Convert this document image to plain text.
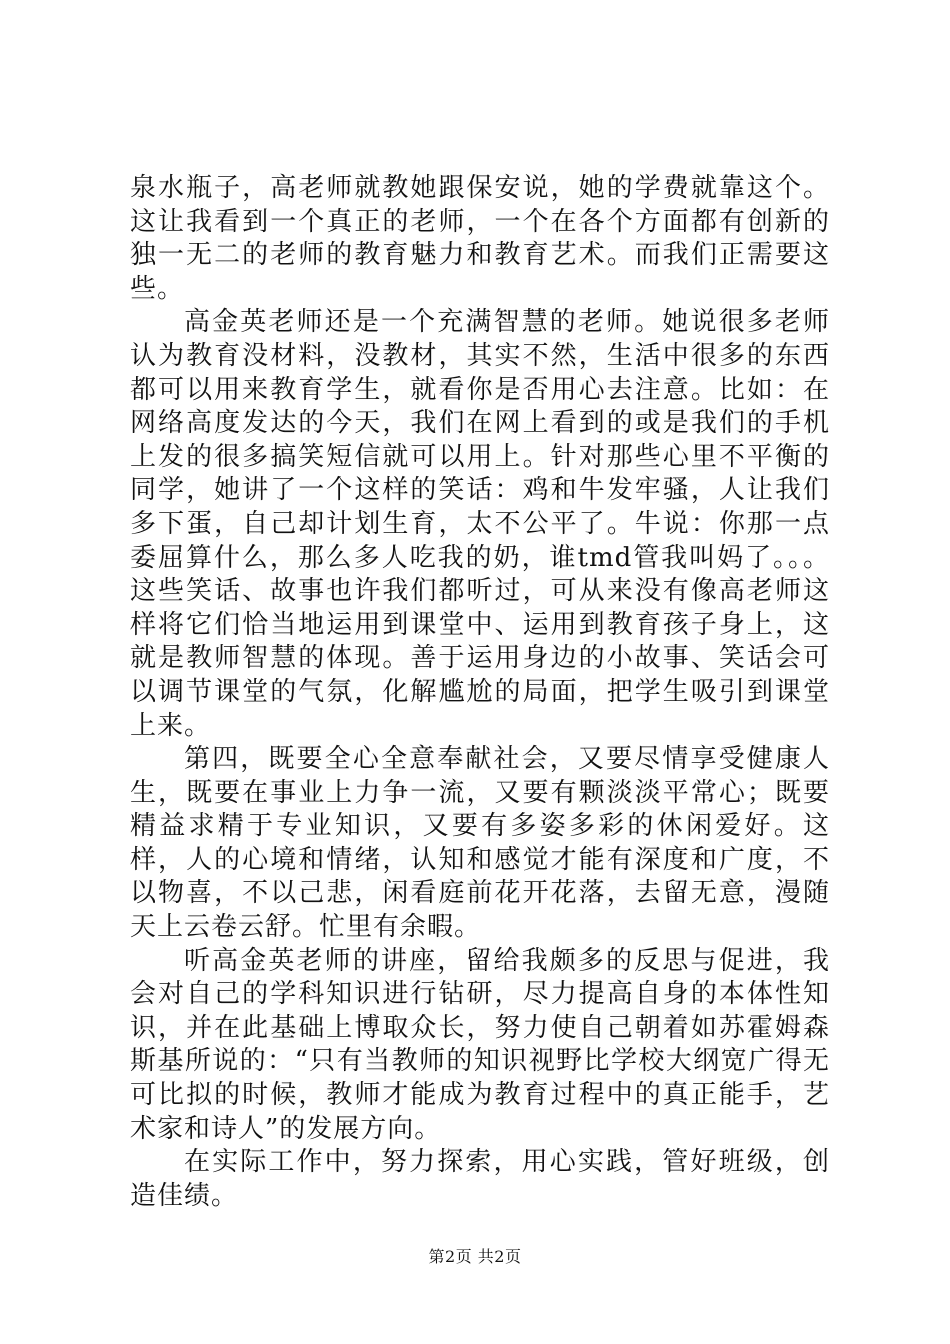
泉水瓶子，高老师就教她跟保安说，她的学费就靠这个。这让我看到一个真正的老师，一个在各个方面都有创新的独一无二的老师的教育魅力和教育艺术。而我们正需要这些。

高金英老师还是一个充满智慧的老师。她说很多老师认为教育没材料，没教材，其实不然，生活中很多的东西都可以用来教育学生，就看你是否用心去注意。比如：在网络高度发达的今天，我们在网上看到的或是我们的手机上发的很多搞笑短信就可以用上。针对那些心里不平衡的同学，她讲了一个这样的笑话：鸡和牛发牢骚，人让我们多下蛋，自己却计划生育，太不公平了。牛说：你那一点委屈算什么，那么多人吃我的奶，谁tmd管我叫妈了。。。这些笑话、故事也许我们都听过，可从来没有像高老师这样将它们恰当地运用到课堂中、运用到教育孩子身上，这就是教师智慧的体现。善于运用身边的小故事、笑话会可以调节课堂的气氛，化解尴尬的局面，把学生吸引到课堂上来。

第四，既要全心全意奉献社会，又要尽情享受健康人生，既要在事业上力争一流，又要有颗淡淡平常心；既要精益求精于专业知识，又要有多姿多彩的休闲爱好。这样，人的心境和情绪，认知和感觉才能有深度和广度，不以物喜，不以己悲，闲看庭前花开花落，去留无意，漫随天上云卷云舒。忙里有余暇。

听高金英老师的讲座，留给我颇多的反思与促进，我会对自己的学科知识进行钻研，尽力提高自身的本体性知识，并在此基础上博取众长，努力使自己朝着如苏霍姆森斯基所说的：“只有当教师的知识视野比学校大纲宽广得无可比拟的时候，教师才能成为教育过程中的真正能手，艺术家和诗人”的发展方向。

在实际工作中，努力探索，用心实践，管好班级，创造佳绩。

第2页 共2页
